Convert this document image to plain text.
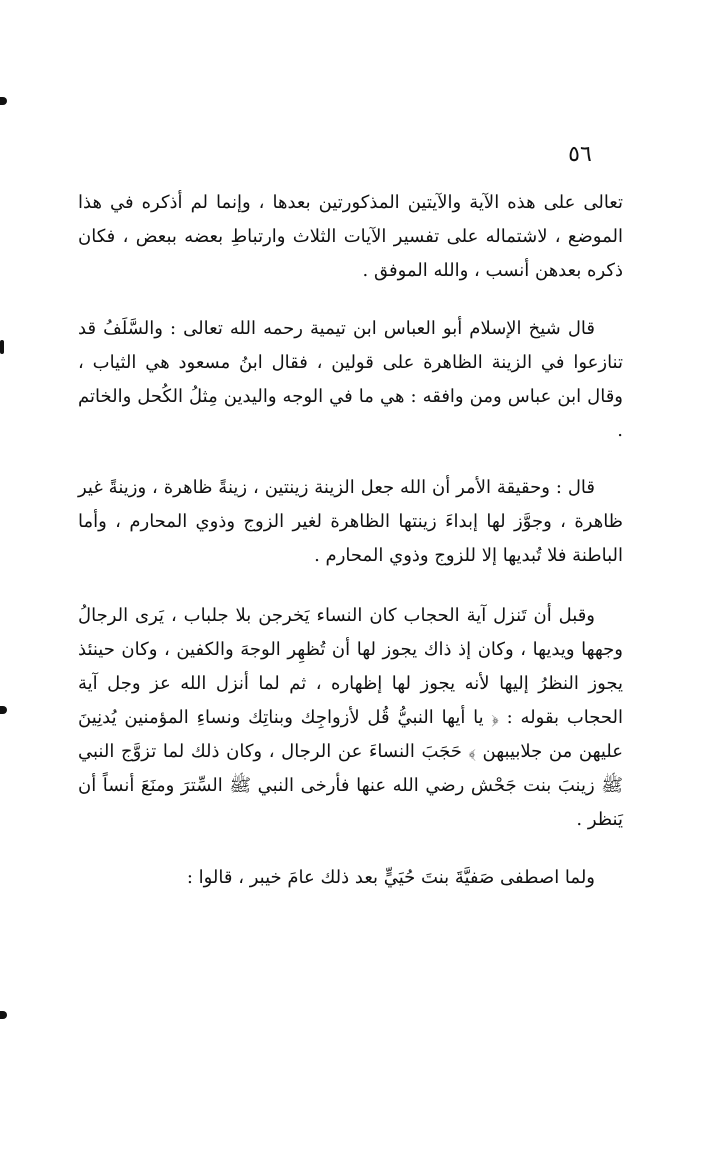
٥٦

تعالى على هذه الآية والآيتين المذكورتين بعدها ، وإنما لم أذكره في هذا الموضع ، لاشتماله على تفسير الآيات الثلاث وارتباطِ بعضه ببعض ، فكان ذكره بعدهن أنسب ، والله الموفق .

قال شيخ الإسلام أبو العباس ابن تيمية رحمه الله تعالى : والسَّلَفُ قد تنازعوا في الزينة الظاهرة على قولين ، فقال ابنُ مسعود هي الثياب ، وقال ابن عباس ومن وافقه : هي ما في الوجه واليدين مِثلُ الكُحل والخاتم .

قال : وحقيقة الأمر أن الله جعل الزينة زينتين ، زينةً ظاهرة ، وزينةً غير ظاهرة ، وجوَّز لها إبداءَ زينتها الظاهرة لغير الزوج وذوي المحارم ، وأما الباطنة فلا تُبديها إلا للزوج وذوي المحارم .

وقبل أن تَنزل آية الحجاب كان النساء يَخرجن بلا جلباب ، يَرى الرجالُ وجهها ويديها ، وكان إذ ذاك يجوز لها أن تُظهِر الوجهَ والكفين ، وكان حينئذ يجوز النظرُ إليها لأنه يجوز لها إظهاره ، ثم لما أنزل الله عز وجل آية الحجاب بقوله : ﴿ يا أيها النبيُّ قُل لأزواجِك وبناتِك ونساءِ المؤمنين يُدنِينَ عليهن من جلابيبهن ﴾ حَجَبَ النساءَ عن الرجال ، وكان ذلك لما تزوَّج النبي ﷺ زينبَ بنت جَحْش رضي الله عنها فأرخى النبي ﷺ السِّترَ ومنَعَ أنساً أن يَنظر .

ولما اصطفى صَفيَّةَ بنتَ حُيَيٍّ بعد ذلك عامَ خيبر ، قالوا :
